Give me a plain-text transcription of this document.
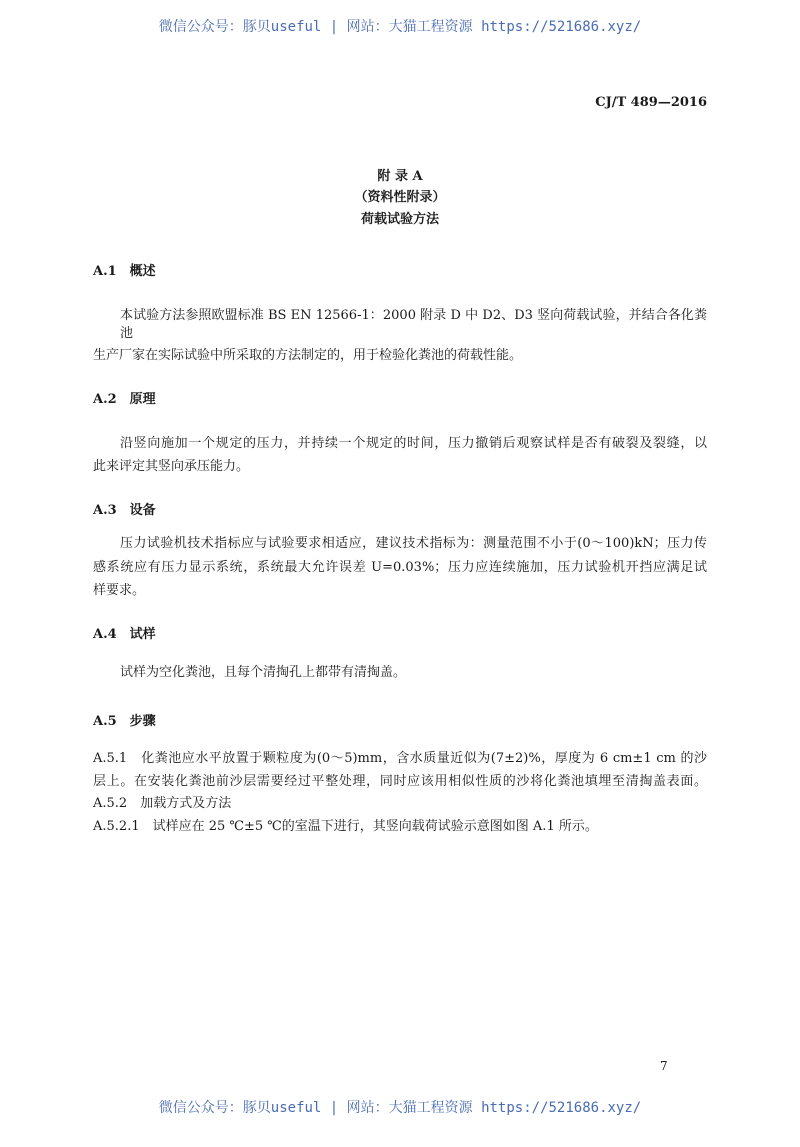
微信公众号：豚贝useful | 网站：大猫工程资源 https://521686.xyz/
CJ/T 489—2016
附 录 A
（资料性附录）
荷载试验方法
A.1　概述
本试验方法参照欧盟标准 BS EN 12566-1：2000 附录 D 中 D2、D3 竖向荷载试验，并结合各化粪池
生产厂家在实际试验中所采取的方法制定的，用于检验化粪池的荷载性能。
A.2　原理
沿竖向施加一个规定的压力，并持续一个规定的时间，压力撤销后观察试样是否有破裂及裂缝，以
此来评定其竖向承压能力。
A.3　设备
压力试验机技术指标应与试验要求相适应，建议技术指标为：测量范围不小于(0～100)kN；压力传
感系统应有压力显示系统，系统最大允许误差 U=0.03%；压力应连续施加，压力试验机开挡应满足试
样要求。
A.4　试样
试样为空化粪池，且每个清掏孔上都带有清掏盖。
A.5　步骤
A.5.1　化粪池应水平放置于颗粒度为(0～5)mm，含水质量近似为(7±2)%，厚度为 6 cm±1 cm 的沙
层上。在安装化粪池前沙层需要经过平整处理，同时应该用相似性质的沙将化粪池填埋至清掏盖表面。
A.5.2　加载方式及方法
A.5.2.1　试样应在 25 ℃±5 ℃的室温下进行，其竖向载荷试验示意图如图 A.1 所示。
7
微信公众号：豚贝useful | 网站：大猫工程资源 https://521686.xyz/
